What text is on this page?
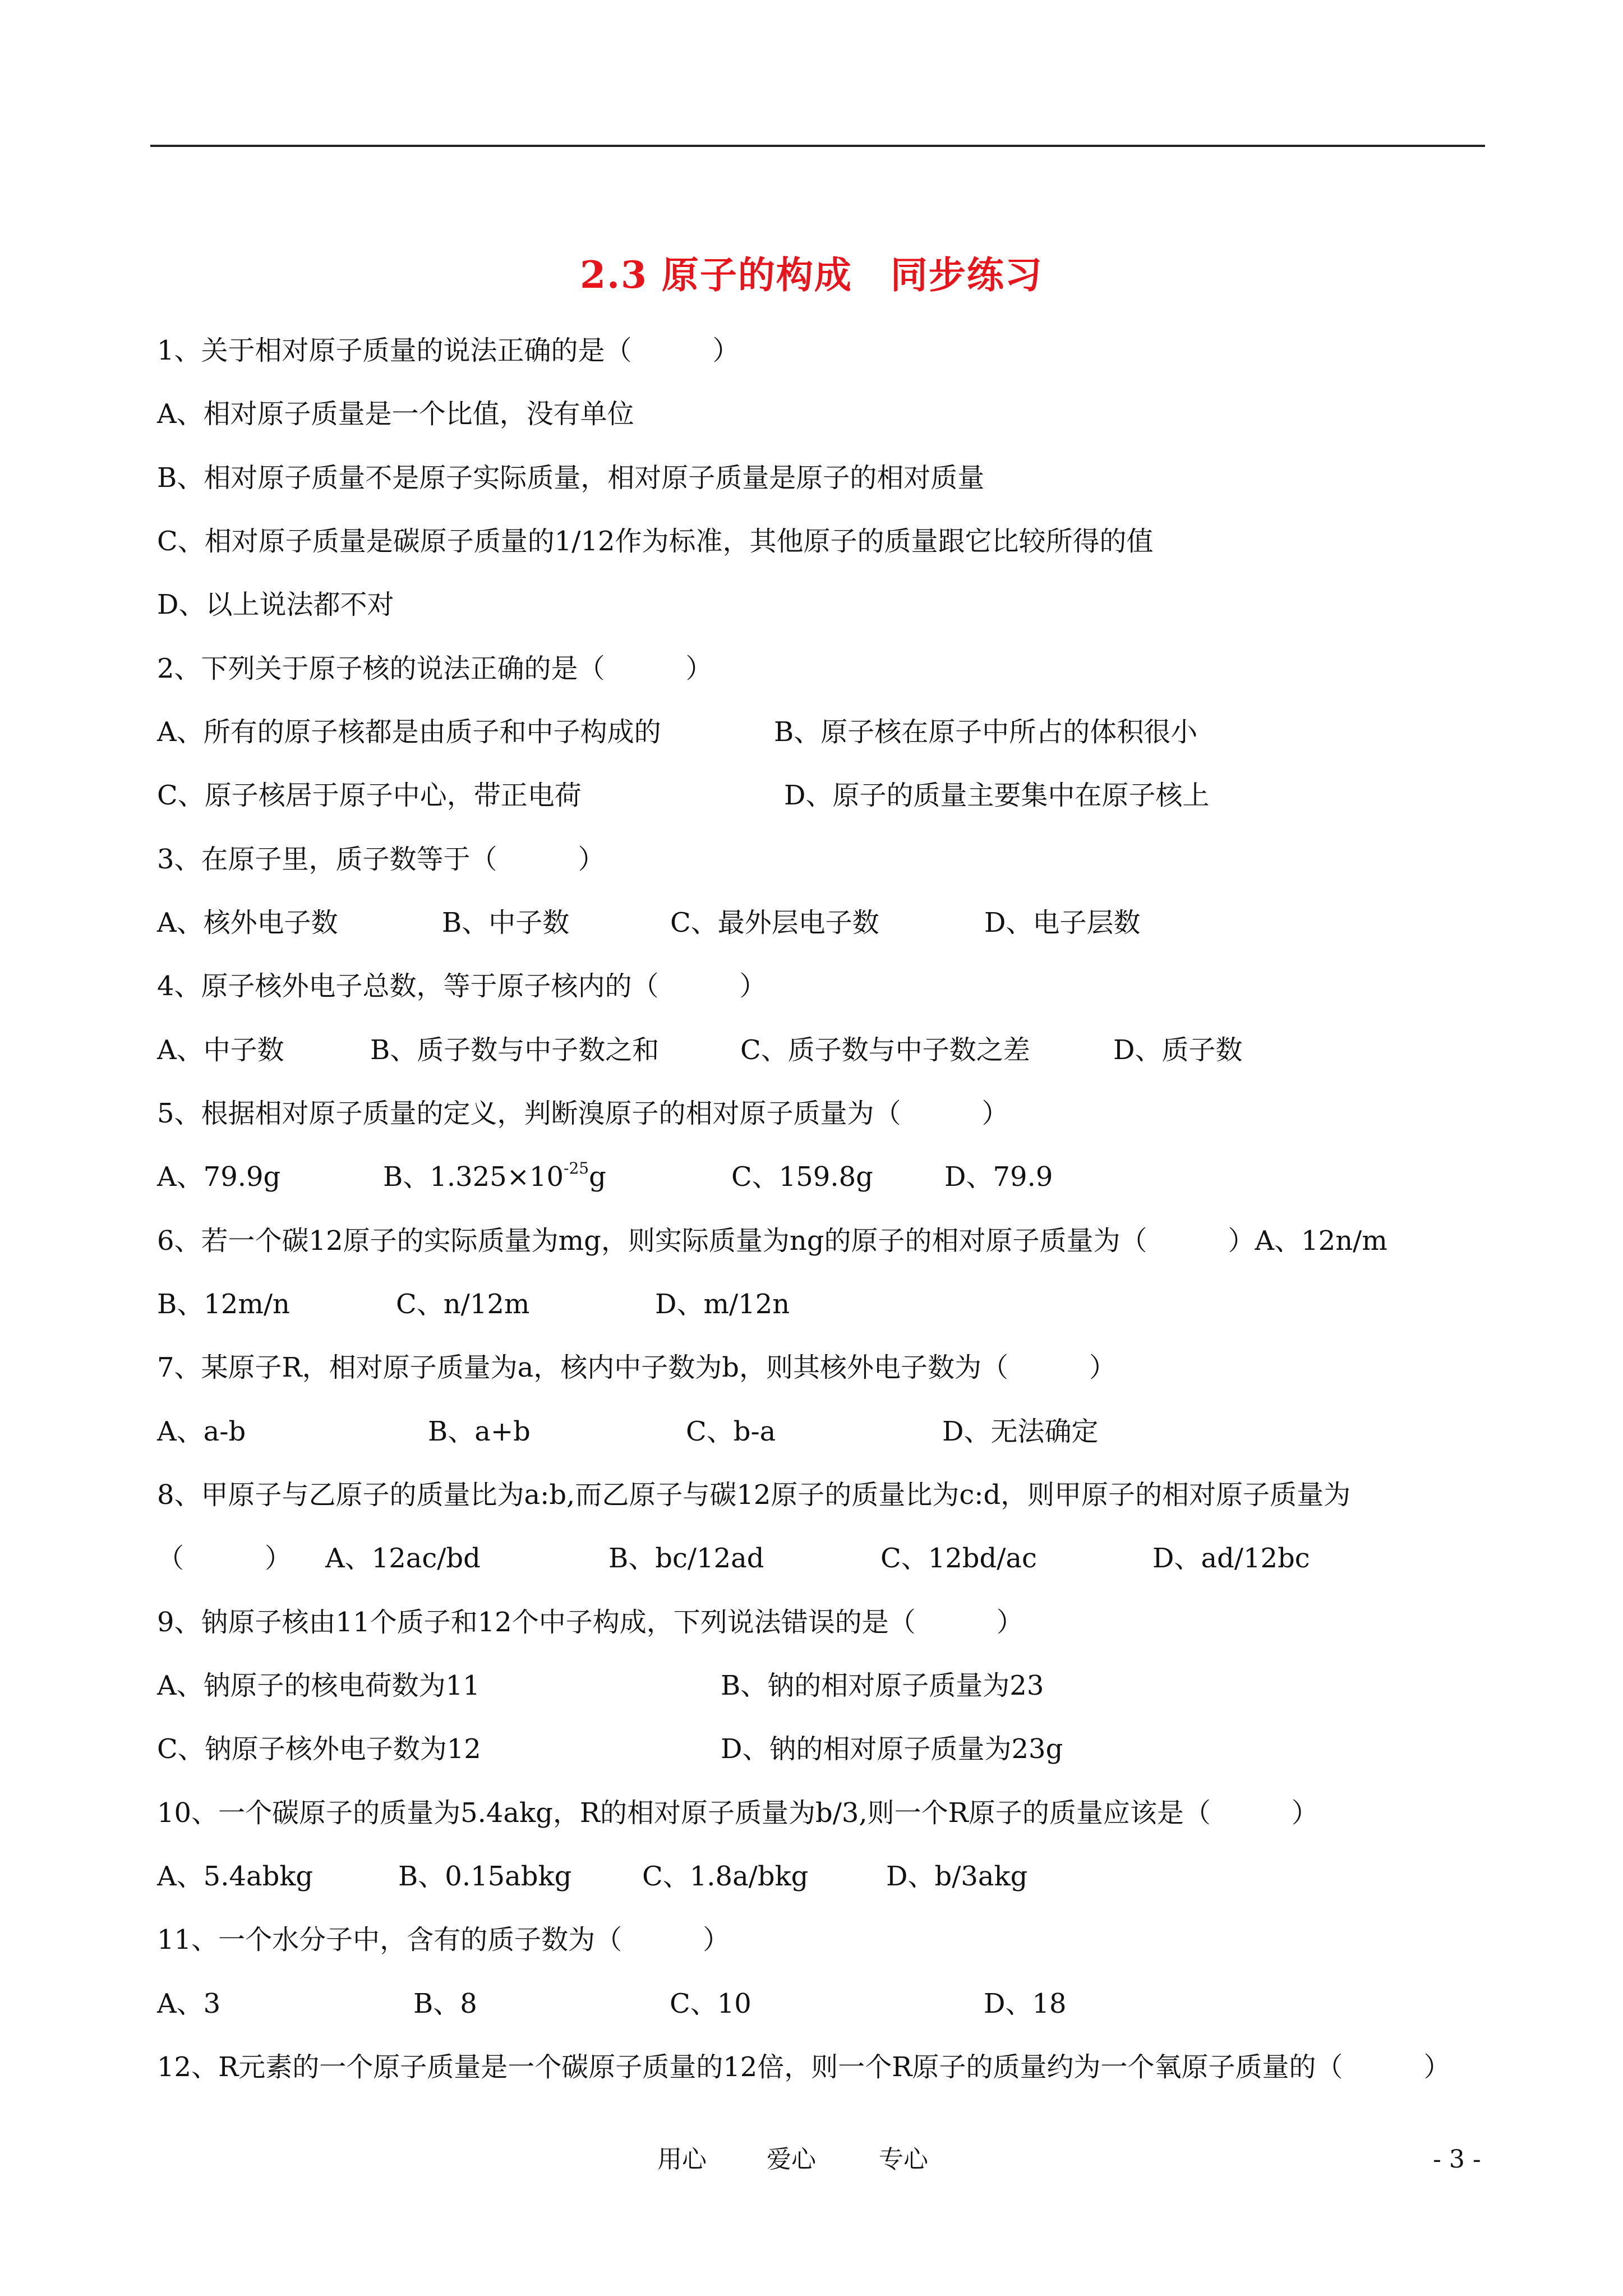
2.3 原子的构成　同步练习
1、关于相对原子质量的说法正确的是（　　　）
A、相对原子质量是一个比值，没有单位
B、相对原子质量不是原子实际质量，相对原子质量是原子的相对质量
C、相对原子质量是碳原子质量的1/12作为标准，其他原子的质量跟它比较所得的值
D、以上说法都不对
2、下列关于原子核的说法正确的是（　　　）
A、所有的原子核都是由质子和中子构成的	B、原子核在原子中所占的体积很小
C、原子核居于原子中心，带正电荷	D、原子的质量主要集中在原子核上
3、在原子里，质子数等于（　　　）
A、核外电子数	B、中子数	C、最外层电子数	D、电子层数
4、原子核外电子总数，等于原子核内的（　　　）
A、中子数	B、质子数与中子数之和	C、质子数与中子数之差	D、质子数
5、根据相对原子质量的定义，判断溴原子的相对原子质量为（　　　）
A、79.9g	B、$1.325\times 10^{-25}g$	C、159.8g	D、79.9
6、若一个碳12原子的实际质量为mg，则实际质量为ng的原子的相对原子质量为（　　　）A、12n/m
B、12m/n	C、n/12m	D、m/12n
7、某原子R，相对原子质量为a，核内中子数为b，则其核外电子数为（　　　）
A、a-b	B、a+b	C、b-a	D、无法确定
8、甲原子与乙原子的质量比为a:b,而乙原子与碳12原子的质量比为c:d，则甲原子的相对原子质量为
（　　　） A、12ac/bd	B、bc/12ad	C、12bd/ac	D、ad/12bc
9、钠原子核由11个质子和12个中子构成，下列说法错误的是（　　　）
A、钠原子的核电荷数为11	B、钠的相对原子质量为23
C、钠原子核外电子数为12	D、钠的相对原子质量为23g
10、一个碳原子的质量为5.4akg，R的相对原子质量为b/3,则一个R原子的质量应该是（　　　）
A、5.4abkg	B、0.15abkg	C、1.8a/bkg	D、b/3akg
11、一个水分子中，含有的质子数为（　　　）
A、3	B、8	C、10	D、18
12、R元素的一个原子质量是一个碳原子质量的12倍，则一个R原子的质量约为一个氧原子质量的（　　　）
用心 爱心	专心	- 3 -
